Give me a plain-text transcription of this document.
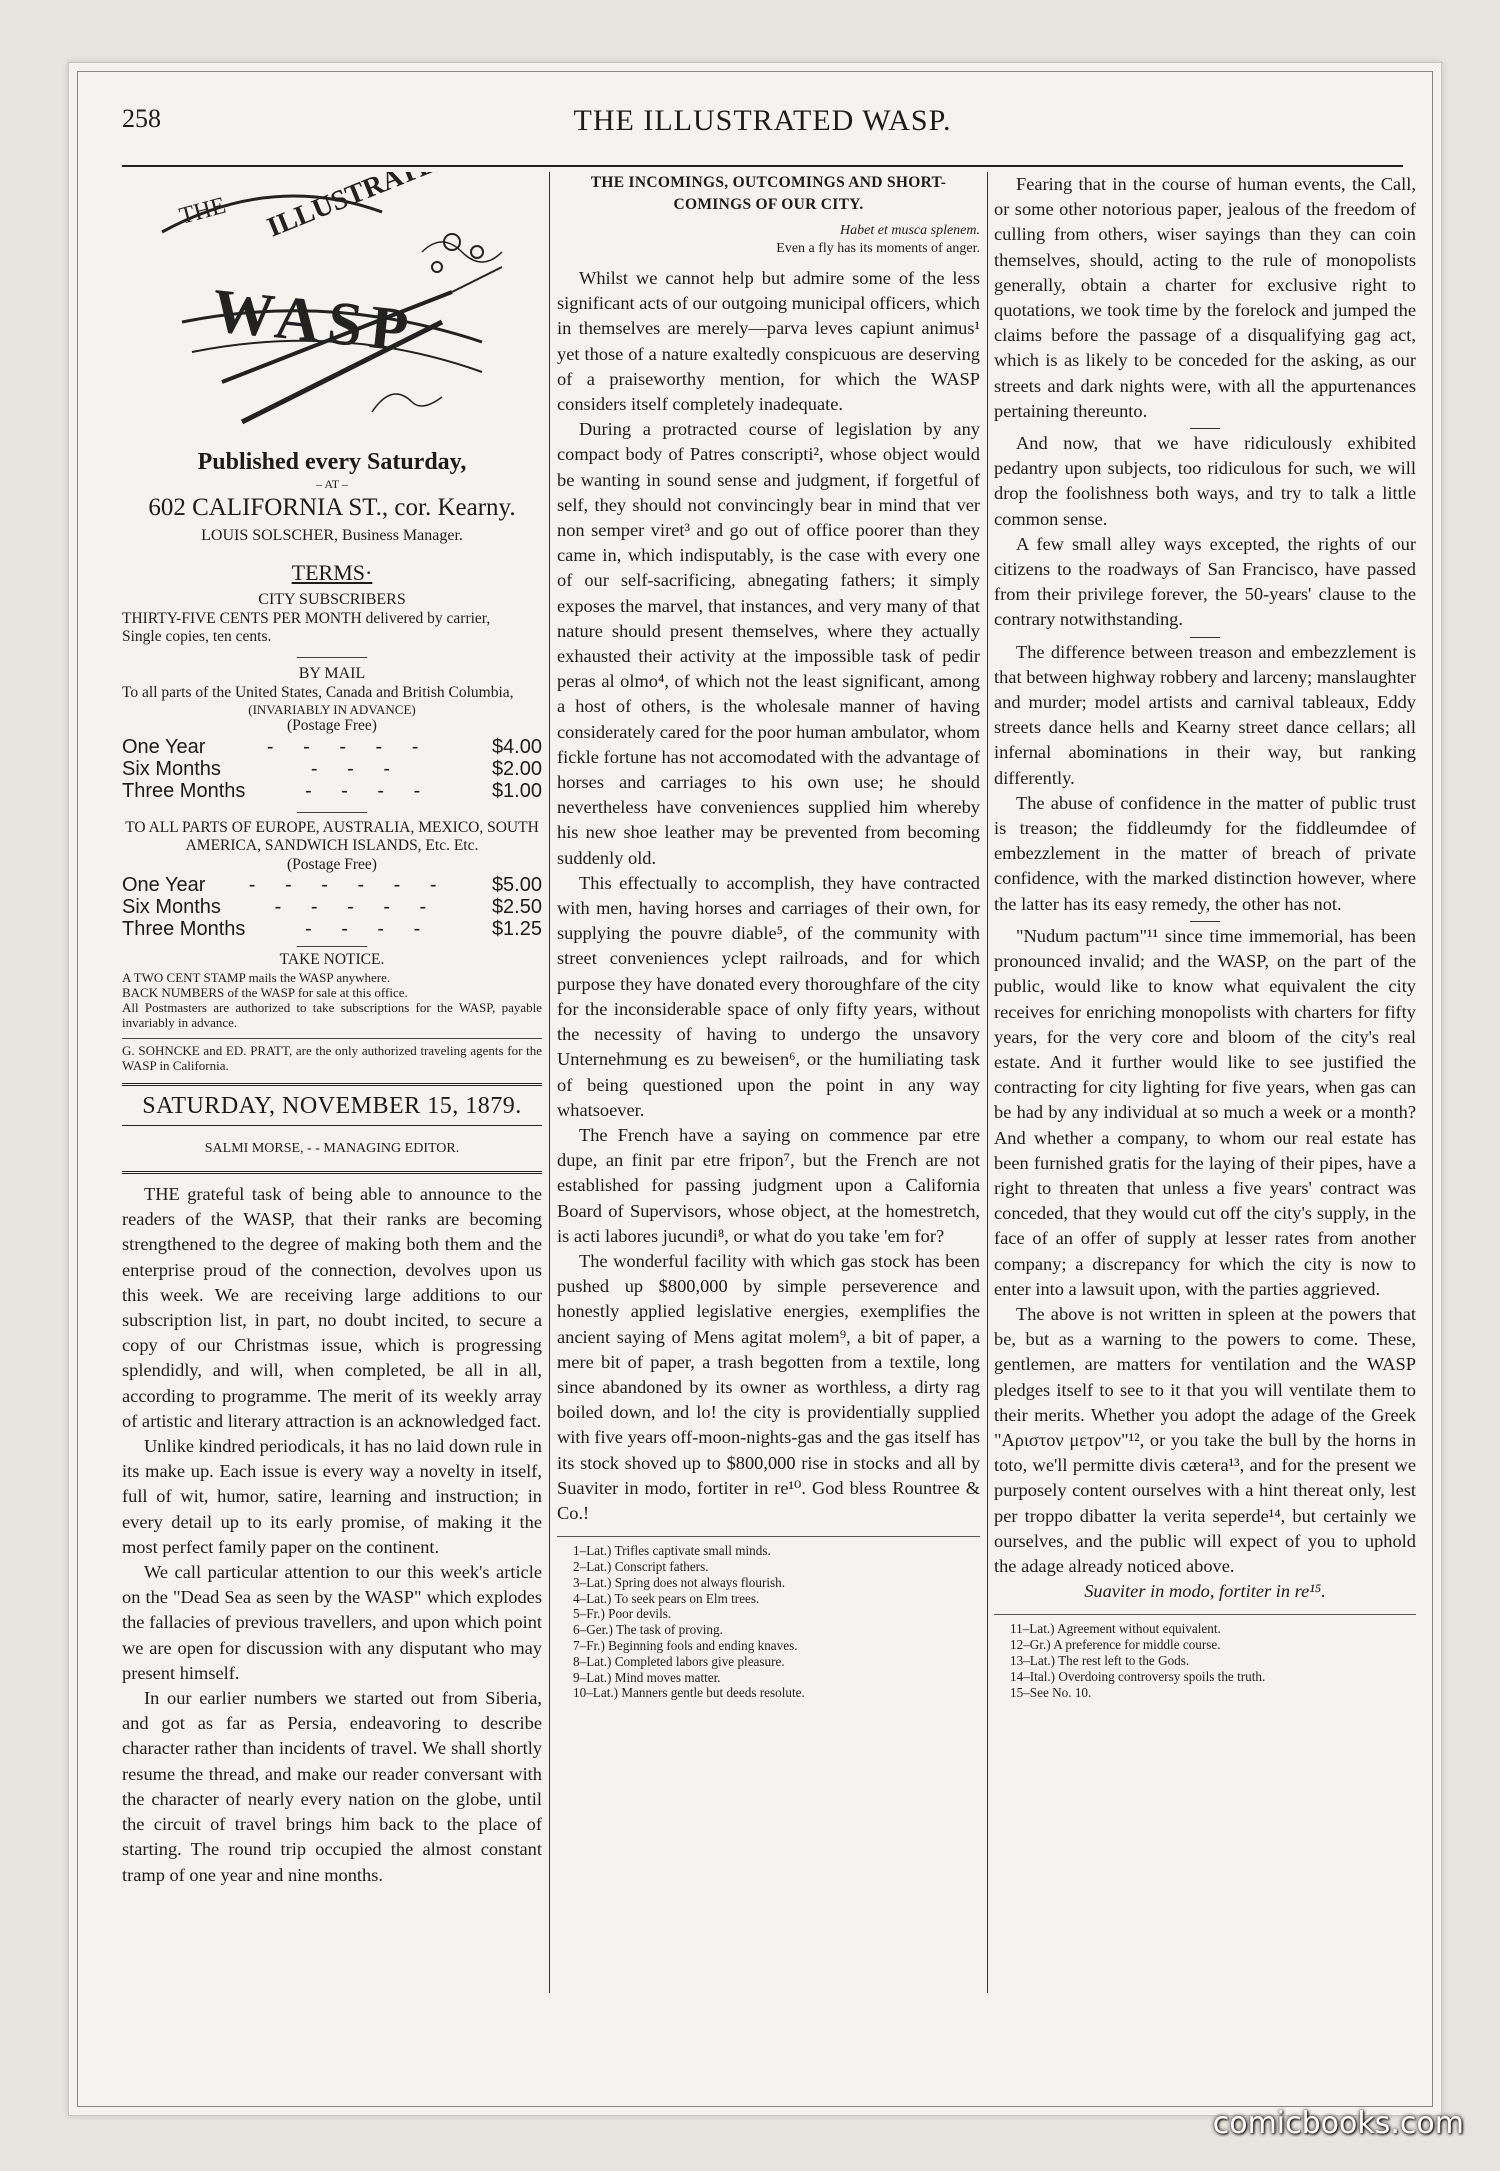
258	THE ILLUSTRATED WASP.
THE ILLUSTRATED
WASP
Published every Saturday,
– AT –
602 CALIFORNIA ST., cor. Kearny.
LOUIS SOLSCHER, Business Manager.
TERMS·
CITY SUBSCRIBERS
THIRTY-FIVE CENTS PER MONTH delivered by carrier,
Single copies, ten cents.
BY MAIL
To all parts of the United States, Canada and British Columbia,
(INVARIABLY IN ADVANCE)
(Postage Free)
One Year	- - - - -	$4.00
Six Months	- - -	$2.00
Three Months	- - - -	$1.00
TO ALL PARTS OF EUROPE, AUSTRALIA, MEXICO, SOUTH AMERICA, SANDWICH ISLANDS, Etc. Etc.
(Postage Free)
One Year	- - - - - -	$5.00
Six Months	- - - - -	$2.50
Three Months	- - - -	$1.25
TAKE NOTICE.
A TWO CENT STAMP mails the WASP anywhere.
BACK NUMBERS of the WASP for sale at this office.
All Postmasters are authorized to take subscriptions for the WASP, payable invariably in advance.
G. SOHNCKE and ED. PRATT, are the only authorized traveling agents for the WASP in California.
SATURDAY, NOVEMBER 15, 1879.
SALMI MORSE, - - MANAGING EDITOR.

THE grateful task of being able to announce to the readers of the WASP, that their ranks are becoming strengthened to the degree of making both them and the enterprise proud of the connection, devolves upon us this week. We are receiving large additions to our subscription list, in part, no doubt incited, to secure a copy of our Christmas issue, which is progressing splendidly, and will, when completed, be all in all, according to programme. The merit of its weekly array of artistic and literary attraction is an acknowledged fact.

Unlike kindred periodicals, it has no laid down rule in its make up. Each issue is every way a novelty in itself, full of wit, humor, satire, learning and instruction; in every detail up to its early promise, of making it the most perfect family paper on the continent.

We call particular attention to our this week's article on the "Dead Sea as seen by the WASP" which explodes the fallacies of previous travellers, and upon which point we are open for discussion with any disputant who may present himself.

In our earlier numbers we started out from Siberia, and got as far as Persia, endeavoring to describe character rather than incidents of travel. We shall shortly resume the thread, and make our reader conversant with the character of nearly every nation on the globe, until the circuit of travel brings him back to the place of starting. The round trip occupied the almost constant tramp of one year and nine months.

THE INCOMINGS, OUTCOMINGS AND SHORT-COMINGS OF OUR CITY.
Habet et musca splenem.
Even a fly has its moments of anger.

Whilst we cannot help but admire some of the less significant acts of our outgoing municipal officers, which in themselves are merely—parva leves capiunt animus¹ yet those of a nature exaltedly conspicuous are deserving of a praiseworthy mention, for which the WASP considers itself completely inadequate.

During a protracted course of legislation by any compact body of Patres conscripti², whose object would be wanting in sound sense and judgment, if forgetful of self, they should not convincingly bear in mind that ver non semper viret³ and go out of office poorer than they came in, which indisputably, is the case with every one of our self-sacrificing, abnegating fathers; it simply exposes the marvel, that instances, and very many of that nature should present themselves, where they actually exhausted their activity at the impossible task of pedir peras al olmo⁴, of which not the least significant, among a host of others, is the wholesale manner of having considerately cared for the poor human ambulator, whom fickle fortune has not accomodated with the advantage of horses and carriages to his own use; he should nevertheless have conveniences supplied him whereby his new shoe leather may be prevented from becoming suddenly old.

This effectually to accomplish, they have contracted with men, having horses and carriages of their own, for supplying the pouvre diable⁵, of the community with street conveniences yclept railroads, and for which purpose they have donated every thoroughfare of the city for the inconsiderable space of only fifty years, without the necessity of having to undergo the unsavory Unternehmung es zu beweisen⁶, or the humiliating task of being questioned upon the point in any way whatsoever.

The French have a saying on commence par etre dupe, an finit par etre fripon⁷, but the French are not established for passing judgment upon a California Board of Supervisors, whose object, at the homestretch, is acti labores jucundi⁸, or what do you take 'em for?

The wonderful facility with which gas stock has been pushed up $800,000 by simple perseverence and honestly applied legislative energies, exemplifies the ancient saying of Mens agitat molem⁹, a bit of paper, a mere bit of paper, a trash begotten from a textile, long since abandoned by its owner as worthless, a dirty rag boiled down, and lo! the city is providentially supplied with five years off-moon-nights-gas and the gas itself has its stock shoved up to $800,000 rise in stocks and all by Suaviter in modo, fortiter in re¹⁰. God bless Rountree & Co.!

1–Lat.) Trifles captivate small minds.
2–Lat.) Conscript fathers.
3–Lat.) Spring does not always flourish.
4–Lat.) To seek pears on Elm trees.
5–Fr.) Poor devils.
6–Ger.) The task of proving.
7–Fr.) Beginning fools and ending knaves.
8–Lat.) Completed labors give pleasure.
9–Lat.) Mind moves matter.
10–Lat.) Manners gentle but deeds resolute.

Fearing that in the course of human events, the Call, or some other notorious paper, jealous of the freedom of culling from others, wiser sayings than they can coin themselves, should, acting to the rule of monopolists generally, obtain a charter for exclusive right to quotations, we took time by the forelock and jumped the claims before the passage of a disqualifying gag act, which is as likely to be conceded for the asking, as our streets and dark nights were, with all the appurtenances pertaining thereunto.

And now, that we have ridiculously exhibited pedantry upon subjects, too ridiculous for such, we will drop the foolishness both ways, and try to talk a little common sense.

A few small alley ways excepted, the rights of our citizens to the roadways of San Francisco, have passed from their privilege forever, the 50-years' clause to the contrary notwithstanding.

The difference between treason and embezzlement is that between highway robbery and larceny; manslaughter and murder; model artists and carnival tableaux, Eddy streets dance hells and Kearny street dance cellars; all infernal abominations in their way, but ranking differently.

The abuse of confidence in the matter of public trust is treason; the fiddleumdy for the fiddleumdee of embezzlement in the matter of breach of private confidence, with the marked distinction however, where the latter has its easy remedy, the other has not.

"Nudum pactum"¹¹ since time immemorial, has been pronounced invalid; and the WASP, on the part of the public, would like to know what equivalent the city receives for enriching monopolists with charters for fifty years, for the very core and bloom of the city's real estate. And it further would like to see justified the contracting for city lighting for five years, when gas can be had by any individual at so much a week or a month? And whether a company, to whom our real estate has been furnished gratis for the laying of their pipes, have a right to threaten that unless a five years' contract was conceded, that they would cut off the city's supply, in the face of an offer of supply at lesser rates from another company; a discrepancy for which the city is now to enter into a lawsuit upon, with the parties aggrieved.

The above is not written in spleen at the powers that be, but as a warning to the powers to come. These, gentlemen, are matters for ventilation and the WASP pledges itself to see to it that you will ventilate them to their merits. Whether you adopt the adage of the Greek "Αριστον μετρον"¹², or you take the bull by the horns in toto, we'll permitte divis cætera¹³, and for the present we purposely content ourselves with a hint thereat only, lest per troppo dibatter la verita seperde¹⁴, but certainly we ourselves, and the public will expect of you to uphold the adage already noticed above.

Suaviter in modo, fortiter in re¹⁵.
11–Lat.) Agreement without equivalent.
12–Gr.) A preference for middle course.
13–Lat.) The rest left to the Gods.
14–Ital.) Overdoing controversy spoils the truth.
15–See No. 10.
comicbooks.com
